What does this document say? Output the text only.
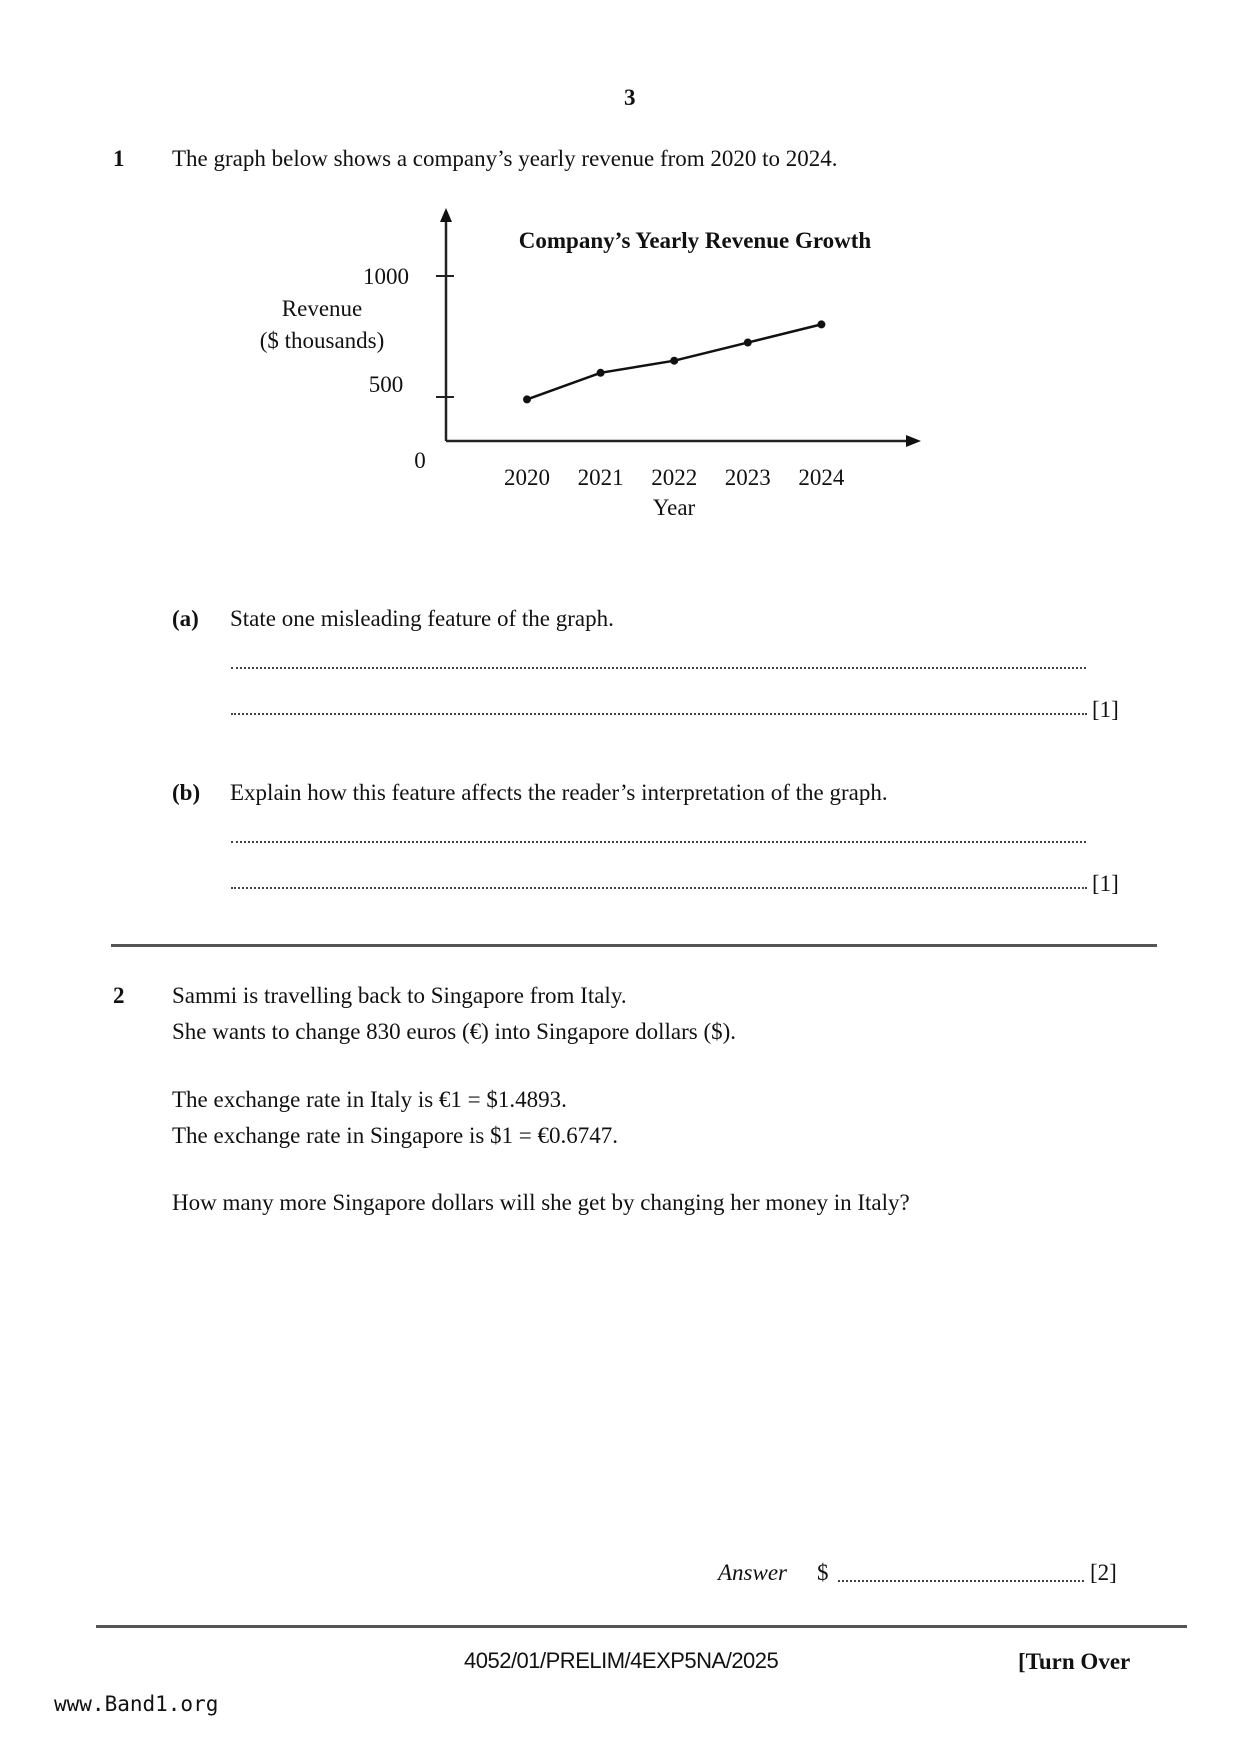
3
1 The graph below shows a company’s yearly revenue from 2020 to 2024.
Company’s Yearly Revenue Growth
Revenue
($ thousands)
Year
0
500
1000
2020 2021 2022 2023 2024
(a) State one misleading feature of the graph.
[1]
(b) Explain how this feature affects the reader’s interpretation of the graph.
[1]
2 Sammi is travelling back to Singapore from Italy.
She wants to change 830 euros (€) into Singapore dollars ($).
The exchange rate in Italy is €1 = $1.4893.
The exchange rate in Singapore is $1 = €0.6747.
How many more Singapore dollars will she get by changing her money in Italy?
Answer $	[2]
4052/01/PRELIM/4EXP5NA/2025	[Turn Over
www.Band1.org
